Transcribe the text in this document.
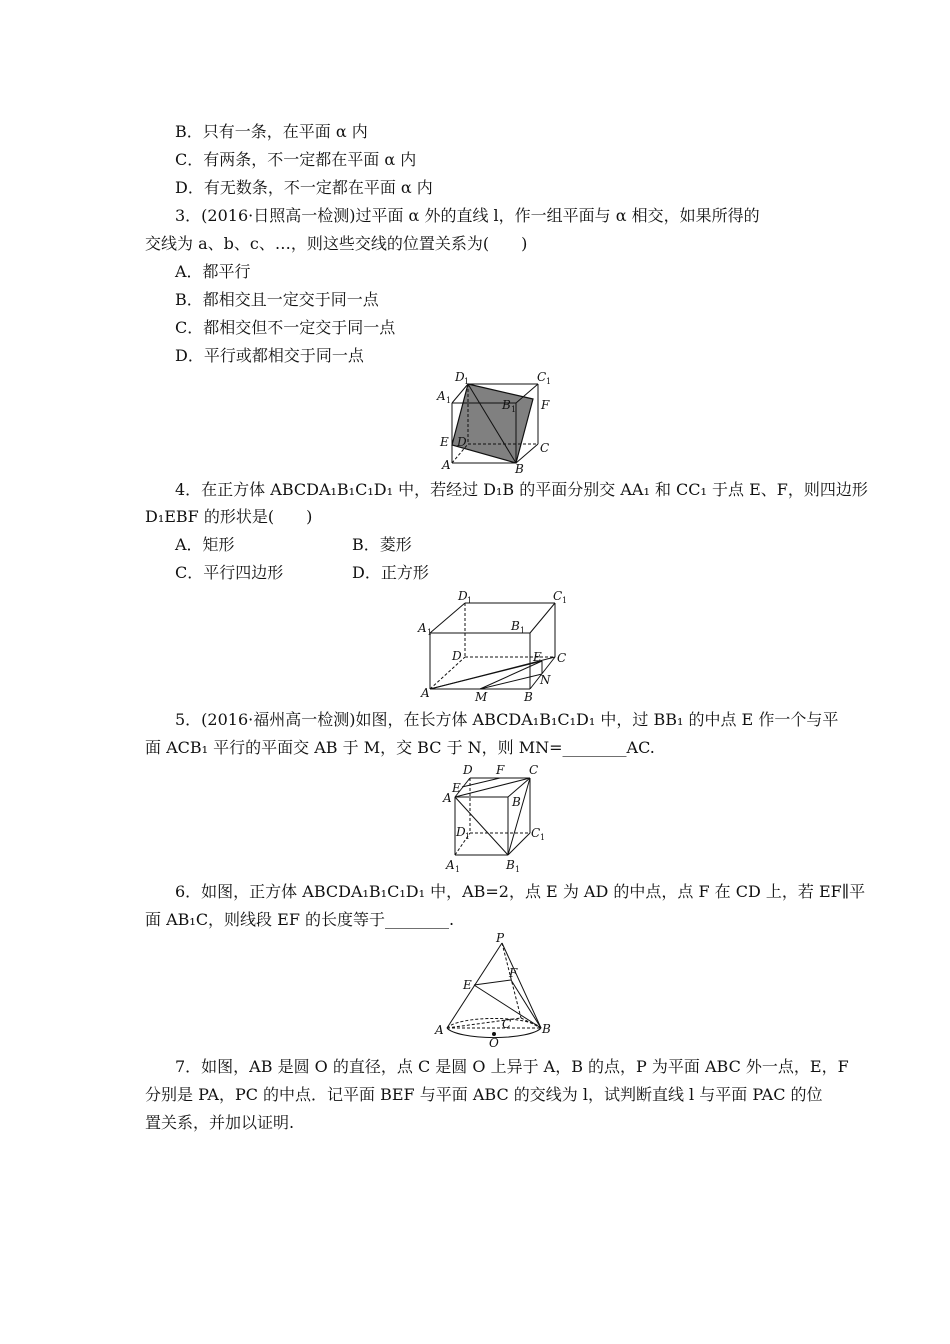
B．只有一条，在平面 α 内
C．有两条，不一定都在平面 α 内
D．有无数条，不一定都在平面 α 内
3．(2016·日照高一检测)过平面 α 外的直线 l，作一组平面与 α 相交，如果所得的
交线为 a、b、c、…，则这些交线的位置关系为(　　)
A．都平行
B．都相交且一定交于同一点
C．都相交但不一定交于同一点
D．平行或都相交于同一点
D 1	C 1
A 1	B 1 F
E D	C
A	B
4．在正方体 ABCDA₁B₁C₁D₁ 中，若经过 D₁B 的平面分别交 AA₁ 和 CC₁ 于点 E、F，则四边形
D₁EBF 的形状是(　　)
A．矩形	B．菱形
C．平行四边形	D．正方形
D 1	C 1
A 1	B 1
D	E C
N
A	M	B
5．(2016·福州高一检测)如图，在长方体 ABCDA₁B₁C₁D₁ 中，过 BB₁ 的中点 E 作一个与平
面 ACB₁ 平行的平面交 AB 于 M，交 BC 于 N，则 MN=________AC.
D F C
E
A	B
D 1	C 1
A 1	B 1
6．如图，正方体 ABCDA₁B₁C₁D₁ 中，AB=2，点 E 为 AD 的中点，点 F 在 CD 上，若 EF∥平
面 AB₁C，则线段 EF 的长度等于________.
P
F
E
C
A	B
O
7．如图，AB 是圆 O 的直径，点 C 是圆 O 上异于 A，B 的点，P 为平面 ABC 外一点，E，F
分别是 PA，PC 的中点．记平面 BEF 与平面 ABC 的交线为 l，试判断直线 l 与平面 PAC 的位
置关系，并加以证明.
